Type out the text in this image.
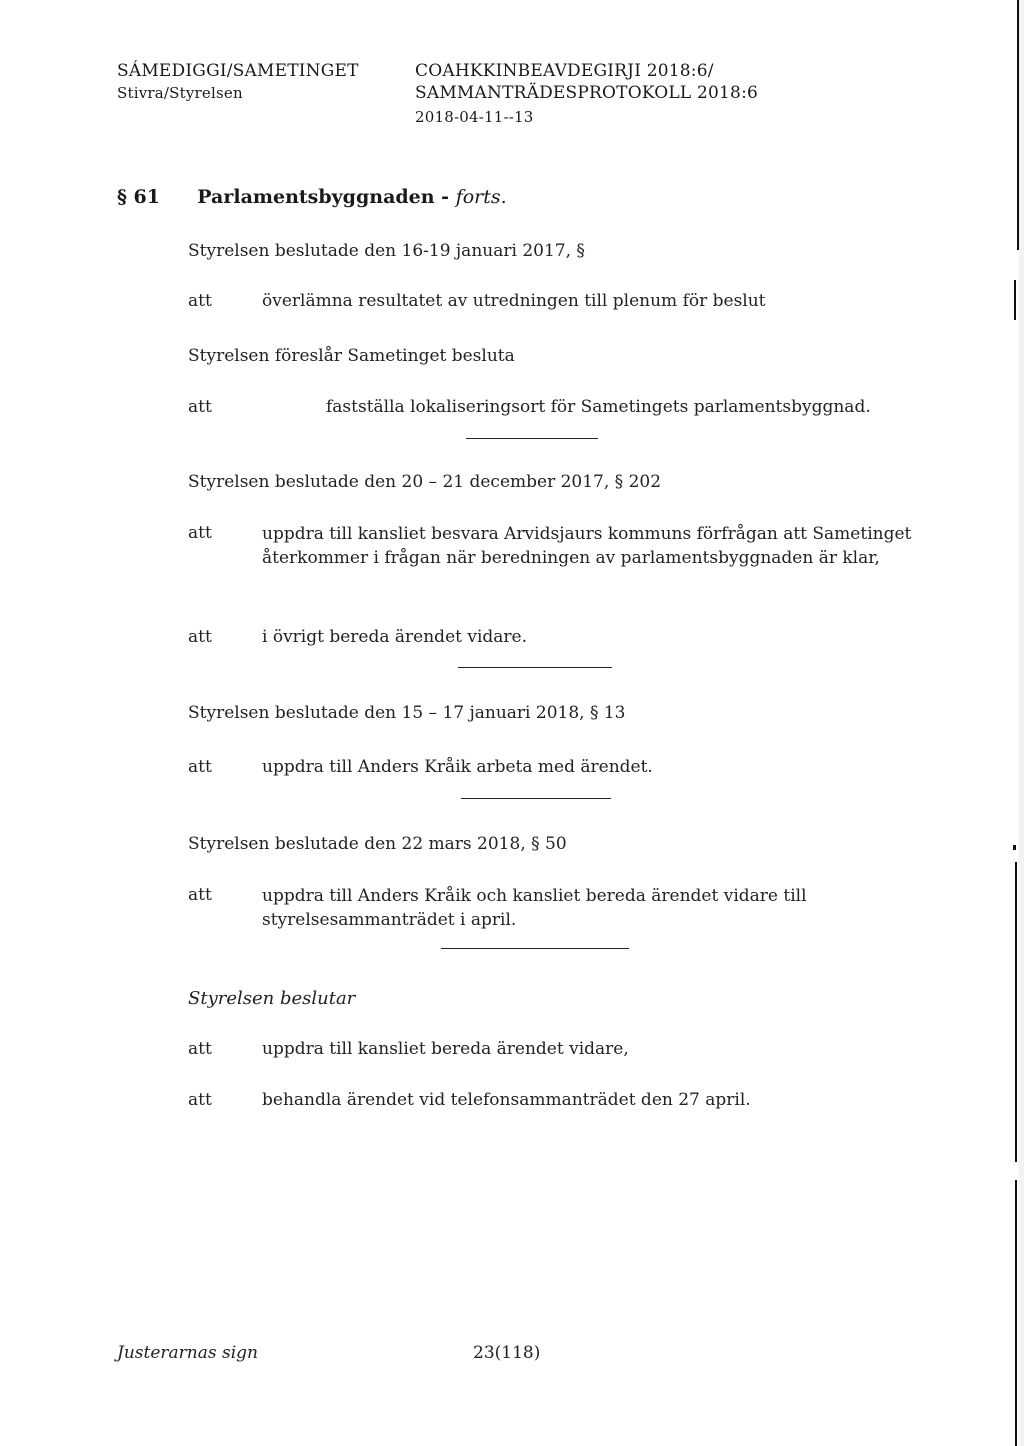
SÁMEDIGGI/SAMETINGET
Stivra/Styrelsen
COAHKKINBEAVDEGIRJI 2018:6/
SAMMANTRÄDESPROTOKOLL 2018:6
2018-04-11--13
§ 61 Parlamentsbyggnaden - forts.
Styrelsen beslutade den 16-19 januari 2017, §
att	överlämna resultatet av utredningen till plenum för beslut
Styrelsen föreslår Sametinget besluta
att	fastställa lokaliseringsort för Sametingets parlamentsbyggnad.
Styrelsen beslutade den 20 – 21 december 2017, § 202
att	uppdra till kansliet besvara Arvidsjaurs kommuns förfrågan att Sametinget återkommer i frågan när beredningen av parlamentsbyggnaden är klar,
att	i övrigt bereda ärendet vidare.
Styrelsen beslutade den 15 – 17 januari 2018, § 13
att	uppdra till Anders Kråik arbeta med ärendet.
Styrelsen beslutade den 22 mars 2018, § 50
att	uppdra till Anders Kråik och kansliet bereda ärendet vidare till styrelsesammanträdet i april.
Styrelsen beslutar
att	uppdra till kansliet bereda ärendet vidare,
att	behandla ärendet vid telefonsammanträdet den 27 april.
Justerarnas sign	23(118)
